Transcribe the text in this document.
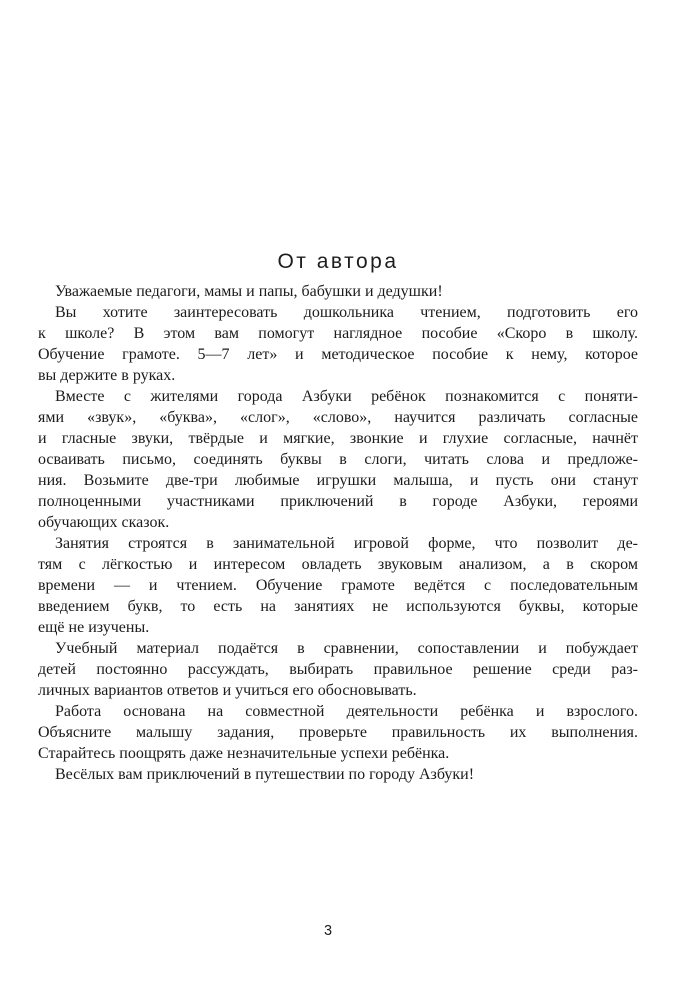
От автора
Уважаемые педагоги, мамы и папы, бабушки и дедушки!
Вы хотите заинтересовать дошкольника чтением, подготовить его
к школе? В этом вам помогут наглядное пособие «Скоро в школу.
Обучение грамоте. 5—7 лет» и методическое пособие к нему, которое
вы держите в руках.
Вместе с жителями города Азбуки ребёнок познакомится с поняти-
ями «звук», «буква», «слог», «слово», научится различать согласные
и гласные звуки, твёрдые и мягкие, звонкие и глухие согласные, начнёт
осваивать письмо, соединять буквы в слоги, читать слова и предложе-
ния. Возьмите две-три любимые игрушки малыша, и пусть они станут
полноценными участниками приключений в городе Азбуки, героями
обучающих сказок.
Занятия строятся в занимательной игровой форме, что позволит де-
тям с лёгкостью и интересом овладеть звуковым анализом, а в скором
времени — и чтением. Обучение грамоте ведётся с последовательным
введением букв, то есть на занятиях не используются буквы, которые
ещё не изучены.
Учебный материал подаётся в сравнении, сопоставлении и побуждает
детей постоянно рассуждать, выбирать правильное решение среди раз-
личных вариантов ответов и учиться его обосновывать.
Работа основана на совместной деятельности ребёнка и взрослого.
Объясните малышу задания, проверьте правильность их выполнения.
Старайтесь поощрять даже незначительные успехи ребёнка.
Весёлых вам приключений в путешествии по городу Азбуки!
3
